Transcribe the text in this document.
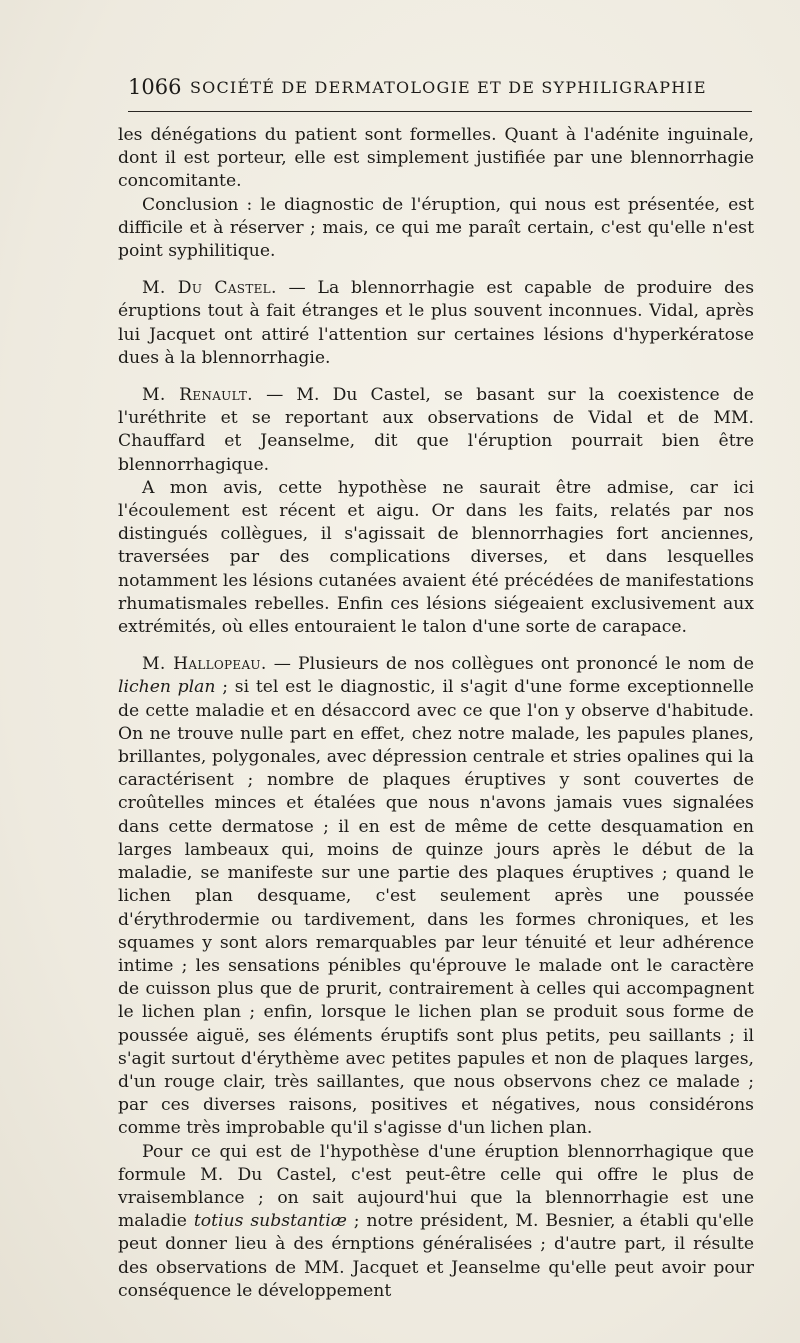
1066 SOCIÉTÉ DE DERMATOLOGIE ET DE SYPHILIGRAPHIE

les dénégations du patient sont formelles. Quant à l'adénite inguinale, dont il est porteur, elle est simplement justifiée par une blennorrhagie concomitante.

Conclusion : le diagnostic de l'éruption, qui nous est présentée, est difficile et à réserver ; mais, ce qui me paraît certain, c'est qu'elle n'est point syphilitique.

M. Du Castel. — La blennorrhagie est capable de produire des éruptions tout à fait étranges et le plus souvent inconnues. Vidal, après lui Jacquet ont attiré l'attention sur certaines lésions d'hyperkératose dues à la blennorrhagie.

M. Renault. — M. Du Castel, se basant sur la coexistence de l'uréthrite et se reportant aux observations de Vidal et de MM. Chauffard et Jeanselme, dit que l'éruption pourrait bien être blennorrhagique.

A mon avis, cette hypothèse ne saurait être admise, car ici l'écoulement est récent et aigu. Or dans les faits, relatés par nos distingués collègues, il s'agissait de blennorrhagies fort anciennes, traversées par des complications diverses, et dans lesquelles notamment les lésions cutanées avaient été précédées de manifestations rhumatismales rebelles. Enfin ces lésions siégeaient exclusivement aux extrémités, où elles entouraient le talon d'une sorte de carapace.

M. Hallopeau. — Plusieurs de nos collègues ont prononcé le nom de lichen plan ; si tel est le diagnostic, il s'agit d'une forme exceptionnelle de cette maladie et en désaccord avec ce que l'on y observe d'habitude. On ne trouve nulle part en effet, chez notre malade, les papules planes, brillantes, polygonales, avec dépression centrale et stries opalines qui la caractérisent ; nombre de plaques éruptives y sont couvertes de croûtelles minces et étalées que nous n'avons jamais vues signalées dans cette dermatose ; il en est de même de cette desquamation en larges lambeaux qui, moins de quinze jours après le début de la maladie, se manifeste sur une partie des plaques éruptives ; quand le lichen plan desquame, c'est seulement après une poussée d'érythrodermie ou tardivement, dans les formes chroniques, et les squames y sont alors remarquables par leur ténuité et leur adhérence intime ; les sensations pénibles qu'éprouve le malade ont le caractère de cuisson plus que de prurit, contrairement à celles qui accompagnent le lichen plan ; enfin, lorsque le lichen plan se produit sous forme de poussée aiguë, ses éléments éruptifs sont plus petits, peu saillants ; il s'agit surtout d'érythème avec petites papules et non de plaques larges, d'un rouge clair, très saillantes, que nous observons chez ce malade ; par ces diverses raisons, positives et négatives, nous considérons comme très improbable qu'il s'agisse d'un lichen plan.

Pour ce qui est de l'hypothèse d'une éruption blennorrhagique que formule M. Du Castel, c'est peut-être celle qui offre le plus de vraisemblance ; on sait aujourd'hui que la blennorrhagie est une maladie totius substantiæ ; notre président, M. Besnier, a établi qu'elle peut donner lieu à des érnptions généralisées ; d'autre part, il résulte des observations de MM. Jacquet et Jeanselme qu'elle peut avoir pour conséquence le développement
